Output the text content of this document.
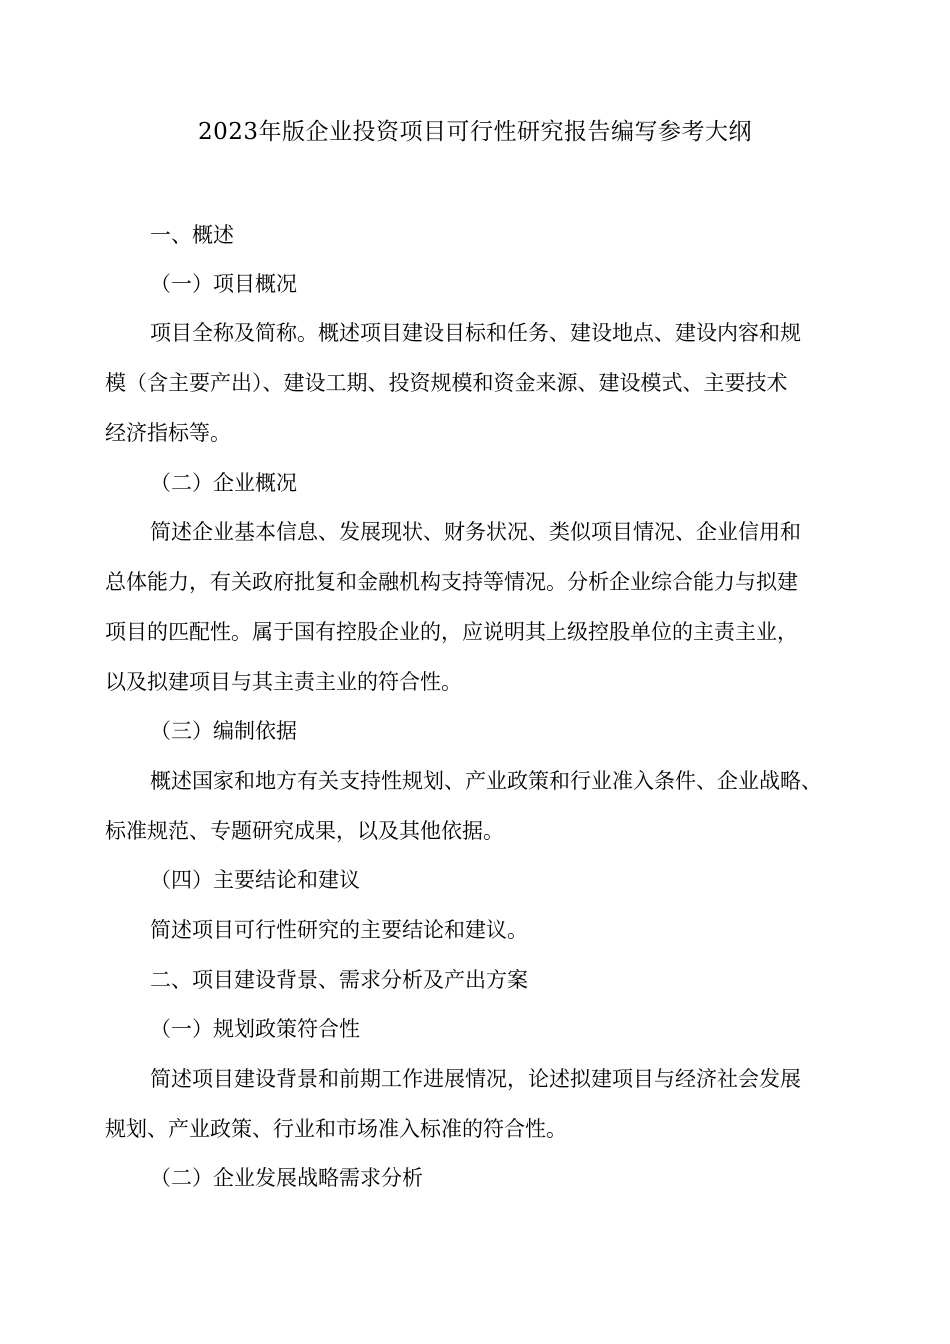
2023年版企业投资项目可行性研究报告编写参考大纲

一、概述

（一）项目概况

项目全称及简称。概述项目建设目标和任务、建设地点、建设内容和规

模（含主要产出）、建设工期、投资规模和资金来源、建设模式、主要技术

经济指标等。

（二）企业概况

简述企业基本信息、发展现状、财务状况、类似项目情况、企业信用和

总体能力，有关政府批复和金融机构支持等情况。分析企业综合能力与拟建

项目的匹配性。属于国有控股企业的，应说明其上级控股单位的主责主业，

以及拟建项目与其主责主业的符合性。

（三）编制依据

概述国家和地方有关支持性规划、产业政策和行业准入条件、企业战略、

标准规范、专题研究成果，以及其他依据。

（四）主要结论和建议

简述项目可行性研究的主要结论和建议。

二、项目建设背景、需求分析及产出方案

（一）规划政策符合性

简述项目建设背景和前期工作进展情况，论述拟建项目与经济社会发展

规划、产业政策、行业和市场准入标准的符合性。

（二）企业发展战略需求分析
